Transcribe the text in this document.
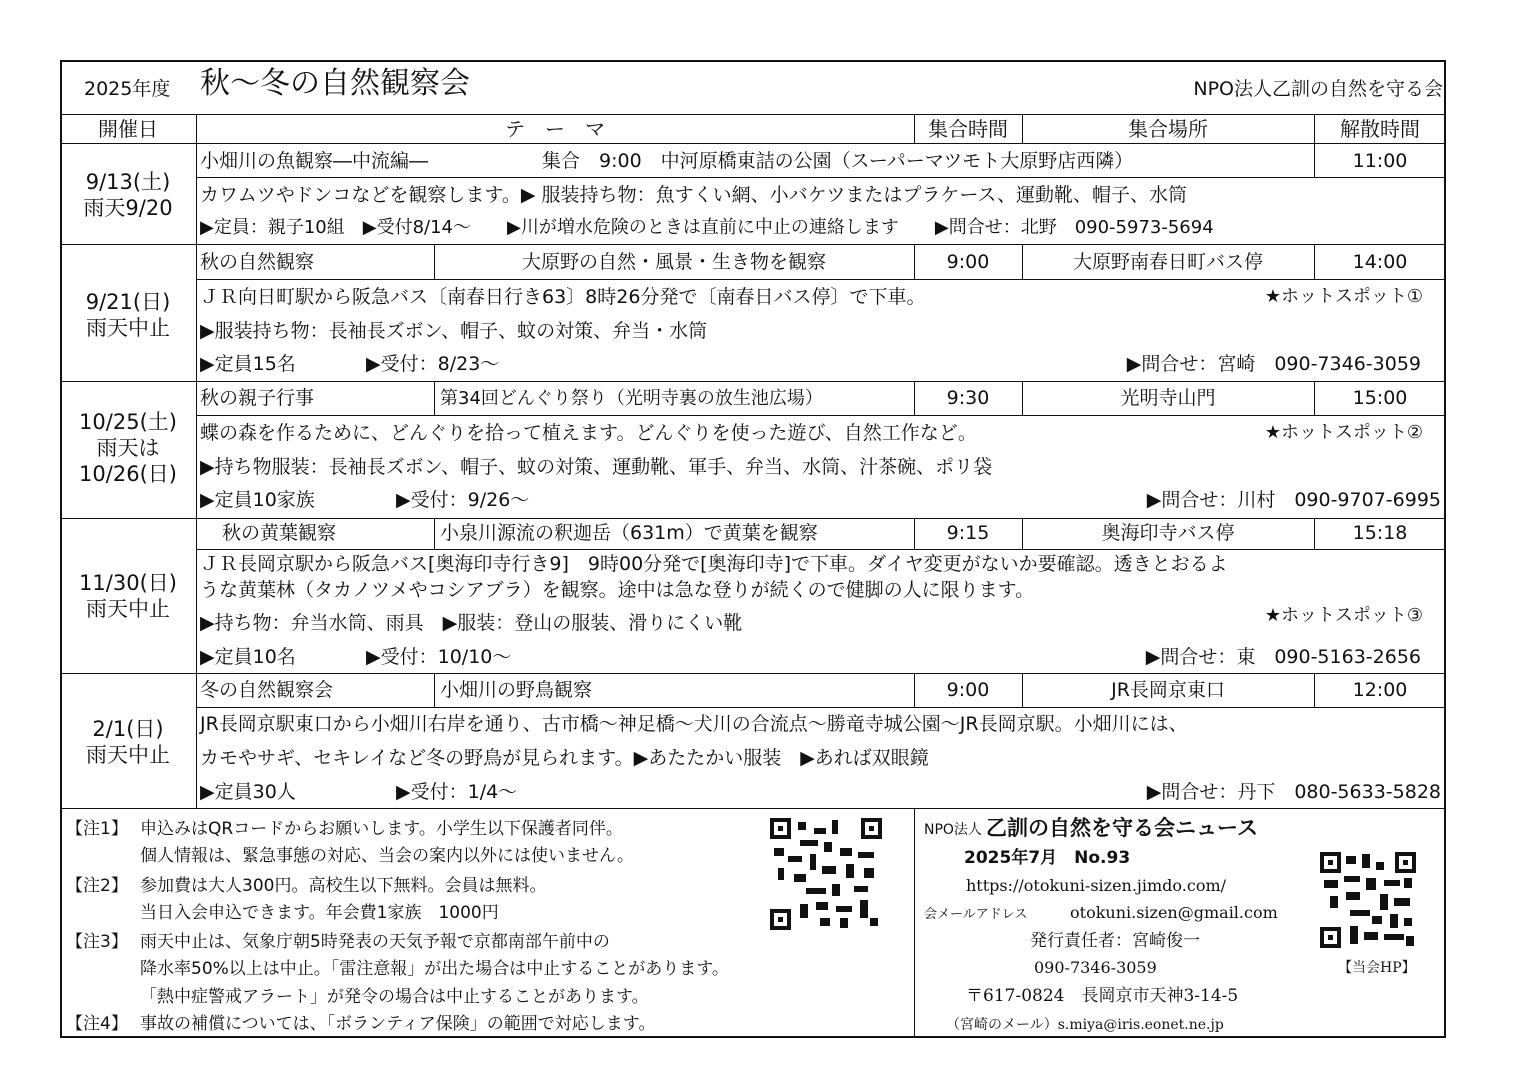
2025年度 秋～冬の自然観察会	NPO法人乙訓の自然を守る会
開催日	テ　ー　マ	集合時間	集合場所	解散時間
9/13(土)
雨天9/20
小畑川の魚観察―中流編―　　　　　　集合　9:00　中河原橋東詰の公園（スーパーマツモト大原野店西隣）	11:00
カワムツやドンコなどを観察します。▶ 服装持ち物：魚すくい網、小バケツまたはプラケース、運動靴、帽子、水筒
▶定員：親子10組　▶受付8/14～　　▶川が増水危険のときは直前に中止の連絡します　　▶問合せ：北野　090-5973-5694
9/21(日)
雨天中止
秋の自然観察	大原野の自然・風景・生き物を観察	9:00	大原野南春日町バス停	14:00
ＪＲ向日町駅から阪急バス〔南春日行き63〕8時26分発で〔南春日バス停〕で下車。	★ホットスポット①
▶服装持ち物：長袖長ズボン、帽子、蚊の対策、弁当・水筒
▶定員15名	▶受付：8/23～	▶問合せ：宮崎　090-7346-3059
10/25(土)
雨天は
10/26(日)
秋の親子行事	第34回どんぐり祭り（光明寺裏の放生池広場）	9:30	光明寺山門	15:00
蝶の森を作るために、どんぐりを拾って植えます。どんぐりを使った遊び、自然工作など。	★ホットスポット②
▶持ち物服装：長袖長ズボン、帽子、蚊の対策、運動靴、軍手、弁当、水筒、汁茶碗、ポリ袋
▶定員10家族	▶受付：9/26～	▶問合せ：川村　090-9707-6995
11/30(日)
雨天中止
秋の黄葉観察	小泉川源流の釈迦岳（631m）で黄葉を観察	9:15	奥海印寺バス停	15:18
ＪＲ長岡京駅から阪急バス[奥海印寺行き9]　9時00分発で[奥海印寺]で下車。ダイヤ変更がないか要確認。透きとおるよ
うな黄葉林（タカノツメやコシアブラ）を観察。途中は急な登りが続くので健脚の人に限ります。
★ホットスポット③
▶持ち物：弁当水筒、雨具　▶服装：登山の服装、滑りにくい靴
▶定員10名	▶受付：10/10～	▶問合せ：東　090-5163-2656
2/1(日)
雨天中止
冬の自然観察会	小畑川の野鳥観察	9:00	JR長岡京東口	12:00
JR長岡京駅東口から小畑川右岸を通り、古市橋～神足橋～犬川の合流点～勝竜寺城公園～JR長岡京駅。小畑川には、
カモやサギ、セキレイなど冬の野鳥が見られます。▶あたたかい服装　▶あれば双眼鏡
▶定員30人	▶受付：1/4～	▶問合せ：丹下　080-5633-5828
【注1】 申込みはQRコードからお願いします。小学生以下保護者同伴。
個人情報は、緊急事態の対応、当会の案内以外には使いません。
【注2】 参加費は大人300円。高校生以下無料。会員は無料。
当日入会申込できます。年会費1家族　1000円
【注3】 雨天中止は、気象庁朝5時発表の天気予報で京都南部午前中の
降水率50%以上は中止。「雷注意報」が出た場合は中止することがあります。
「熱中症警戒アラート」が発令の場合は中止することがあります。
【注4】 事故の補償については、「ボランティア保険」の範囲で対応します。
NPO法人 乙訓の自然を守る会ニュース
2025年7月　No.93
https://otokuni-sizen.jimdo.com/
会メールアドレス	otokuni.sizen@gmail.com
発行責任者：宮崎俊一
090-7346-3059
〒617-0824　長岡京市天神3-14-5
（宮崎のメール）s.miya@iris.eonet.ne.jp
【当会HP】
